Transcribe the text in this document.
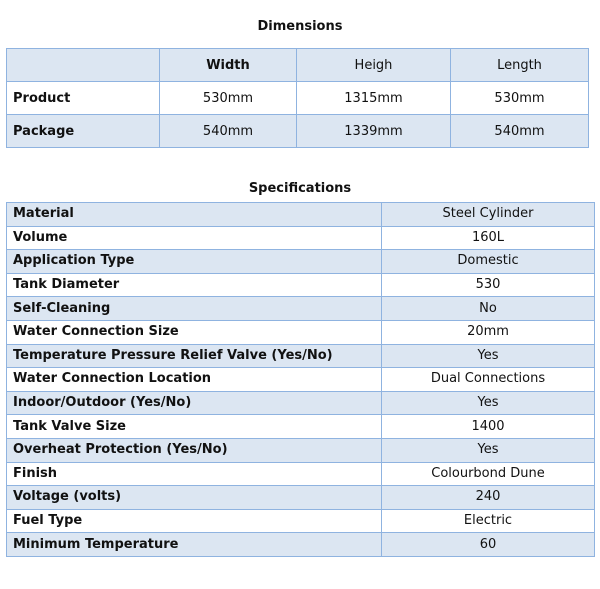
Dimensions
	Width	Heigh	Length
Product	530mm	1315mm	530mm
Package	540mm	1339mm	540mm
Specifications
Material	Steel Cylinder
Volume	160L
Application Type	Domestic
Tank Diameter	530
Self-Cleaning	No
Water Connection Size	20mm
Temperature Pressure Relief Valve (Yes/No)	Yes
Water Connection Location	Dual Connections
Indoor/Outdoor (Yes/No)	Yes
Tank Valve Size	1400
Overheat Protection (Yes/No)	Yes
Finish	Colourbond Dune
Voltage (volts)	240
Fuel Type	Electric
Minimum Temperature	60
